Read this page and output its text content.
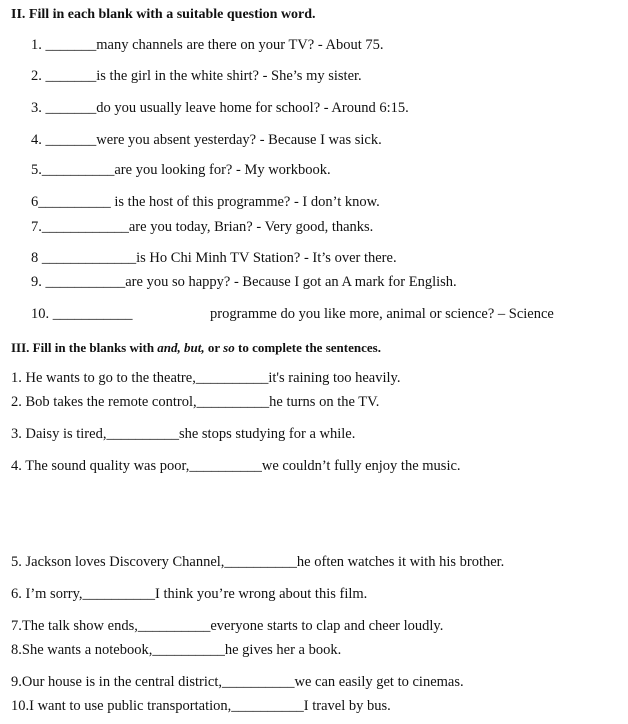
II. Fill in each blank with a suitable question word.
1. _______many channels are there on your TV? - About 75.
2. _______is the girl in the white shirt? - She’s my sister.
3. _______do you usually leave home for school? - Around 6:15.
4. _______were you absent yesterday? - Because I was sick.
5.__________are you looking for? - My workbook.
6__________ is the host of this programme? - I don’t know.
7.____________are you today, Brian? - Very good, thanks.
8 _____________is Ho Chi Minh TV Station? - It’s over there.
9. ___________are you so happy? - Because I got an A mark for English.
10. ___________	programme do you like more, animal or science? – Science
III. Fill in the blanks with and, but, or so to complete the sentences.
1. He wants to go to the theatre,__________it's raining too heavily.
2. Bob takes the remote control,__________he turns on the TV.
3. Daisy is tired,__________she stops studying for a while.
4. The sound quality was poor,__________we couldn’t fully enjoy the music.
5. Jackson loves Discovery Channel,__________he often watches it with his brother.
6. I’m sorry,__________I think you’re wrong about this film.
7.The talk show ends,__________everyone starts to clap and cheer loudly.
8.She wants a notebook,__________he gives her a book.
9.Our house is in the central district,__________we can easily get to cinemas.
10.I want to use public transportation,__________I travel by bus.
